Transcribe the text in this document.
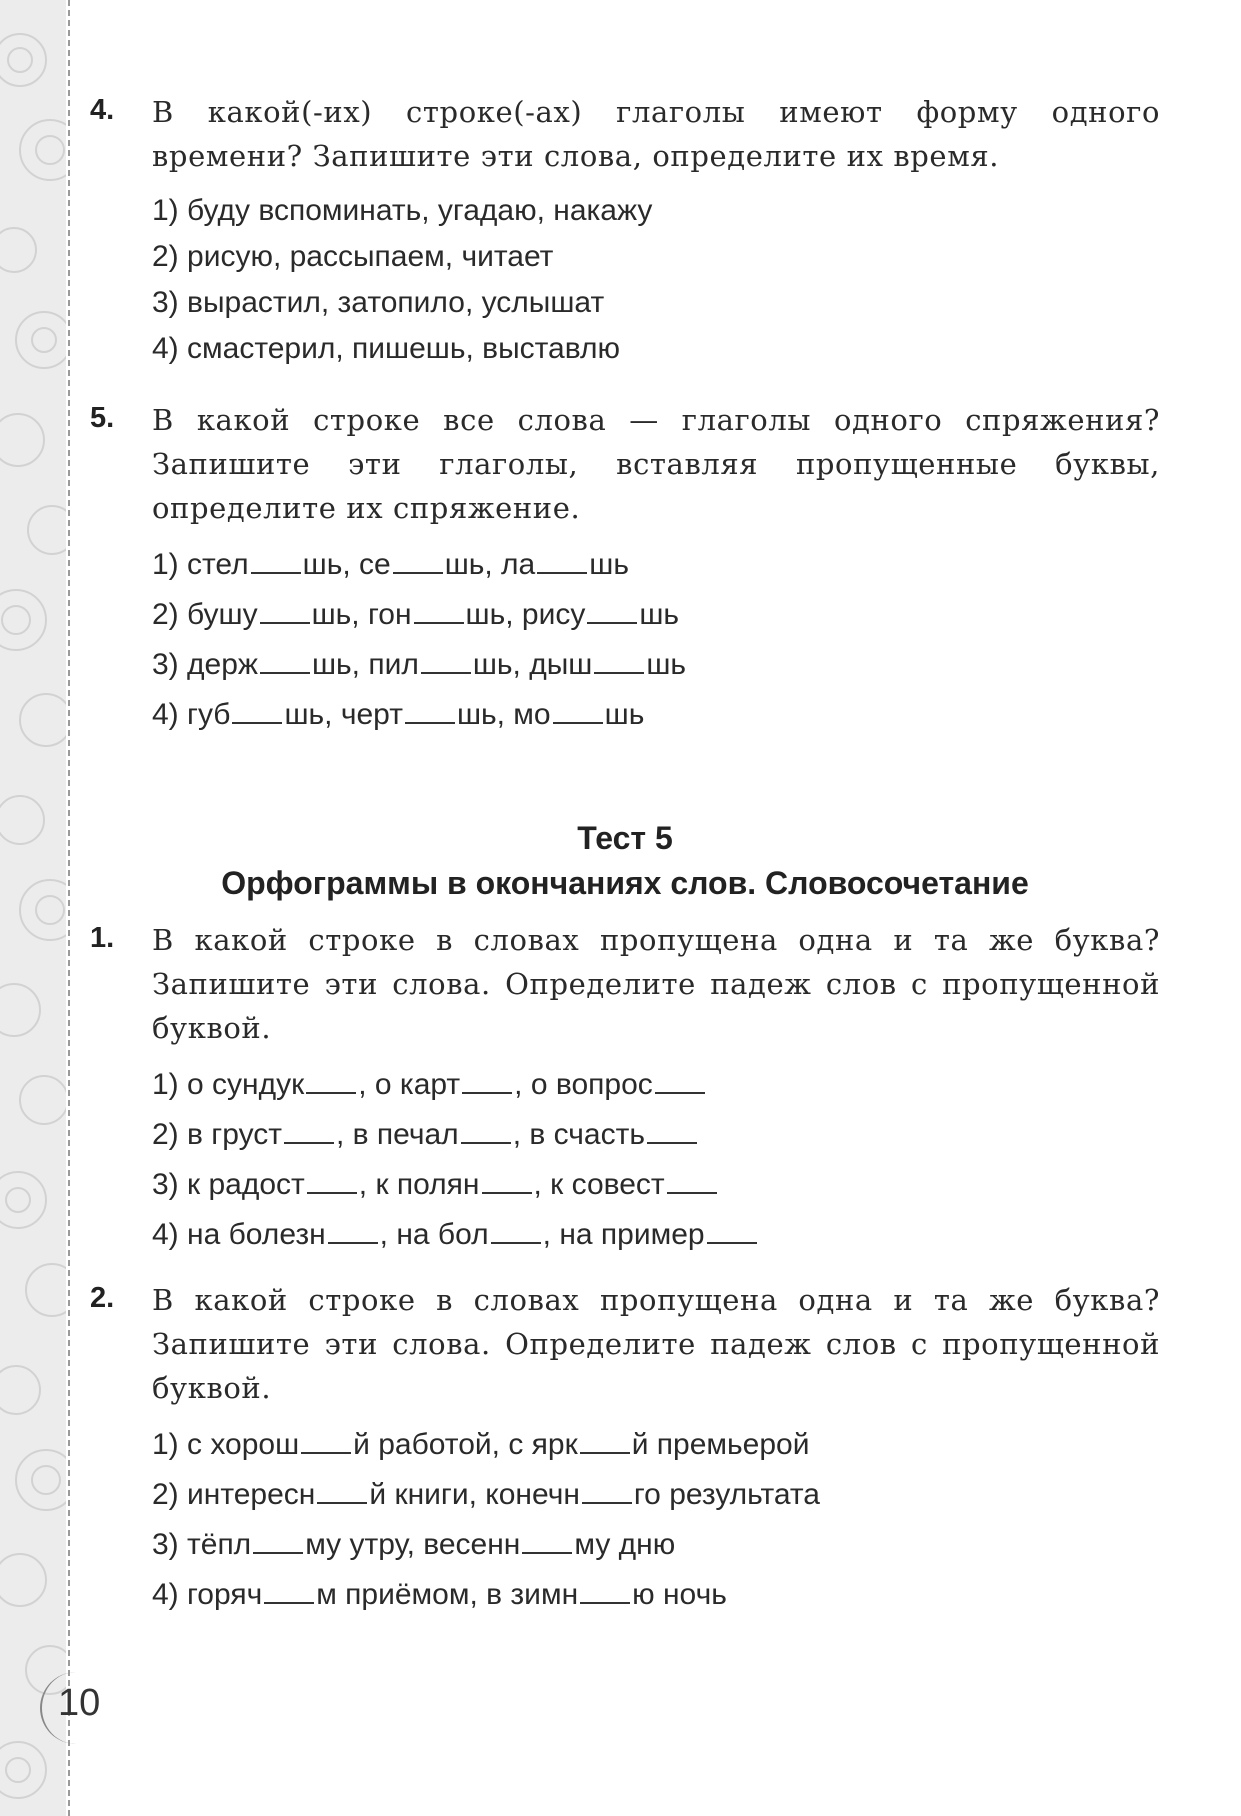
4. В какой(-их) строке(-ах) глаголы имеют форму одного времени? Запишите эти слова, определите их время.

1) буду вспоминать, угадаю, накажу
2) рисую, рассыпаем, читает
3) вырастил, затопило, услышат
4) смастерил, пишешь, выставлю
5. В какой строке все слова — глаголы одного спряжения? Запишите эти глаголы, вставляя пропущенные буквы, определите их спряжение.

1) стел шь, се шь, ла шь
2) бушу шь, гон шь, рису шь
3) держ шь, пил шь, дыш шь
4) губ шь, черт шь, мо шь
Тест 5
Орфограммы в окончаниях слов. Словосочетание
1. В какой строке в словах пропущена одна и та же буква? Запишите эти слова. Определите падеж слов с пропущенной буквой.

1) о сундук , о карт , о вопрос
2) в груст , в печал , в счасть
3) к радост , к полян , к совест
4) на болезн , на бол , на пример
2. В какой строке в словах пропущена одна и та же буква? Запишите эти слова. Определите падеж слов с пропущенной буквой.

1) с хорош й работой, с ярк й премьерой
2) интересн й книги, конечн го результата
3) тёпл му утру, весенн му дню
4) горяч м приёмом, в зимн ю ночь
10
